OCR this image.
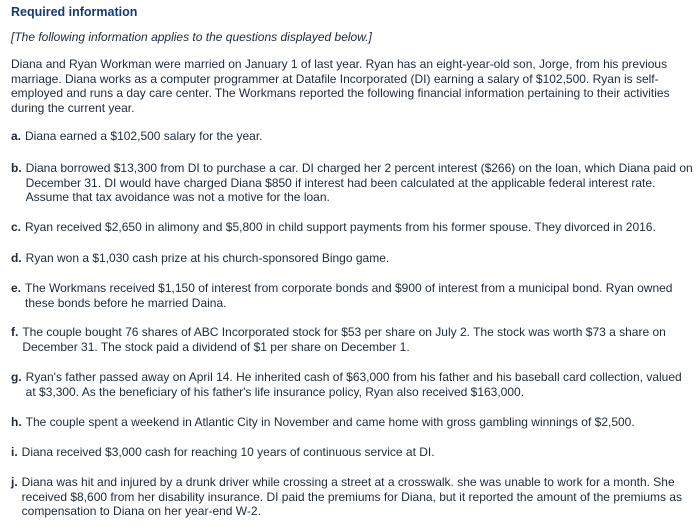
Required information

[The following information applies to the questions displayed below.]

Diana and Ryan Workman were married on January 1 of last year. Ryan has an eight-year-old son, Jorge, from his previous marriage. Diana works as a computer programmer at Datafile Incorporated (DI) earning a salary of $102,500. Ryan is self-employed and runs a day care center. The Workmans reported the following financial information pertaining to their activities during the current year.

a. Diana earned a $102,500 salary for the year.
b. Diana borrowed $13,300 from DI to purchase a car. DI charged her 2 percent interest ($266) on the loan, which Diana paid on December 31. DI would have charged Diana $850 if interest had been calculated at the applicable federal interest rate. Assume that tax avoidance was not a motive for the loan.
c. Ryan received $2,650 in alimony and $5,800 in child support payments from his former spouse. They divorced in 2016.
d. Ryan won a $1,030 cash prize at his church-sponsored Bingo game.
e. The Workmans received $1,150 of interest from corporate bonds and $900 of interest from a municipal bond. Ryan owned these bonds before he married Daina.
f. The couple bought 76 shares of ABC Incorporated stock for $53 per share on July 2. The stock was worth $73 a share on December 31. The stock paid a dividend of $1 per share on December 1.
g. Ryan's father passed away on April 14. He inherited cash of $63,000 from his father and his baseball card collection, valued at $3,300. As the beneficiary of his father's life insurance policy, Ryan also received $163,000.
h. The couple spent a weekend in Atlantic City in November and came home with gross gambling winnings of $2,500.
i. Diana received $3,000 cash for reaching 10 years of continuous service at DI.
j. Diana was hit and injured by a drunk driver while crossing a street at a crosswalk. she was unable to work for a month. She received $8,600 from her disability insurance. DI paid the premiums for Diana, but it reported the amount of the premiums as compensation to Diana on her year-end W-2.
